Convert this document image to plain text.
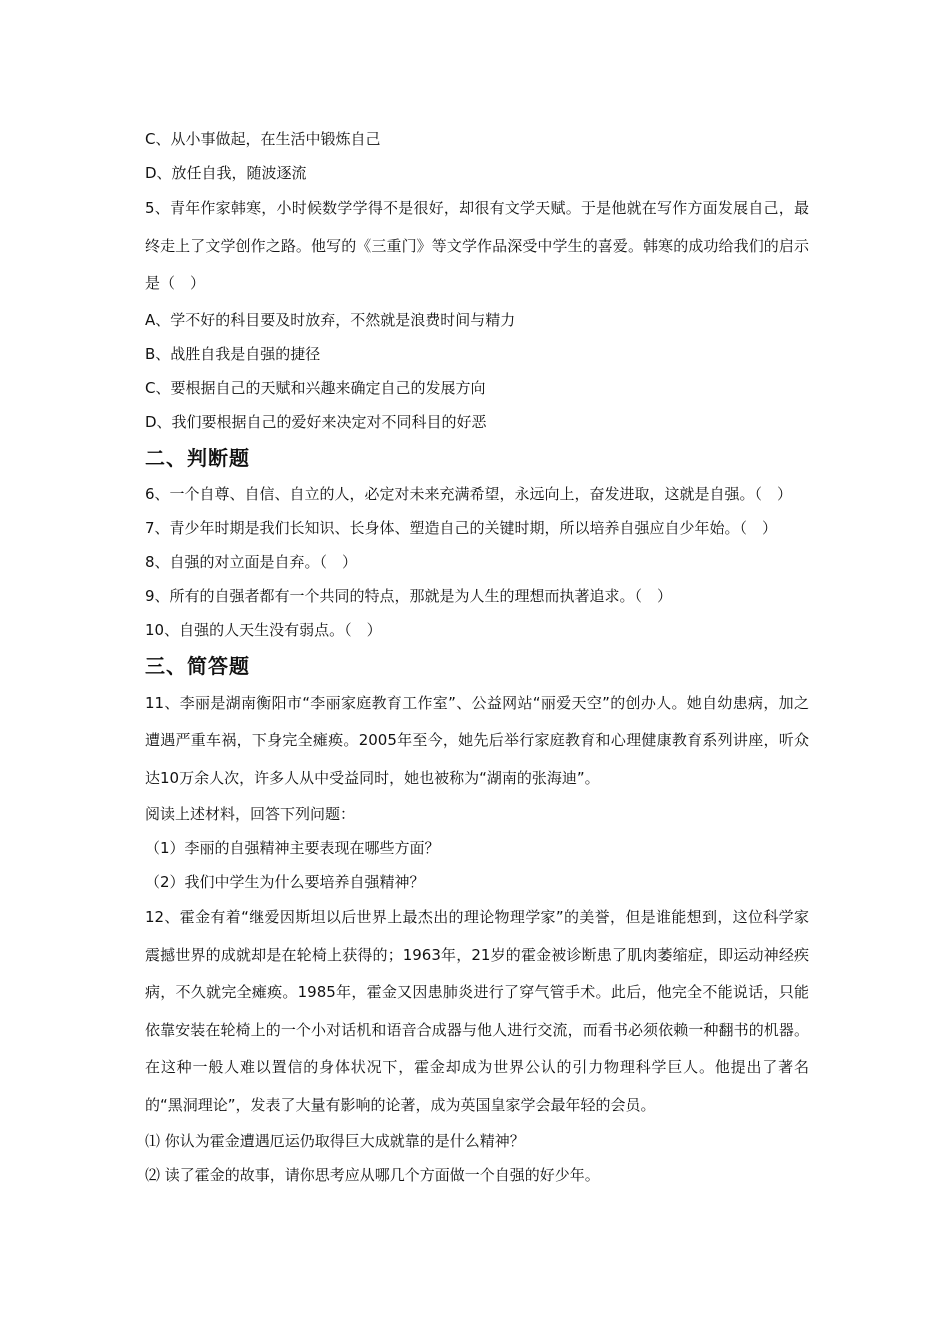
C、从小事做起，在生活中锻炼自己
D、放任自我，随波逐流
5、青年作家韩寒，小时候数学学得不是很好，却很有文学天赋。于是他就在写作方面发展自己，最终走上了文学创作之路。他写的《三重门》等文学作品深受中学生的喜爱。韩寒的成功给我们的启示是（　）
A、学不好的科目要及时放弃，不然就是浪费时间与精力
B、战胜自我是自强的捷径
C、要根据自己的天赋和兴趣来确定自己的发展方向
D、我们要根据自己的爱好来决定对不同科目的好恶
二、判断题
6、一个自尊、自信、自立的人，必定对未来充满希望，永远向上，奋发进取，这就是自强。（　）
7、青少年时期是我们长知识、长身体、塑造自己的关键时期，所以培养自强应自少年始。（　）
8、自强的对立面是自弃。（　）
9、所有的自强者都有一个共同的特点，那就是为人生的理想而执著追求。（　）
10、自强的人天生没有弱点。（　）
三、简答题
11、李丽是湖南衡阳市“李丽家庭教育工作室”、公益网站“丽爱天空”的创办人。她自幼患病，加之遭遇严重车祸，下身完全瘫痪。2005年至今，她先后举行家庭教育和心理健康教育系列讲座，听众达10万余人次，许多人从中受益同时，她也被称为“湖南的张海迪”。
阅读上述材料，回答下列问题：
（1）李丽的自强精神主要表现在哪些方面？
（2）我们中学生为什么要培养自强精神？
12、霍金有着“继爱因斯坦以后世界上最杰出的理论物理学家”的美誉，但是谁能想到，这位科学家震撼世界的成就却是在轮椅上获得的；1963年，21岁的霍金被诊断患了肌肉萎缩症，即运动神经疾病，不久就完全瘫痪。1985年，霍金又因患肺炎进行了穿气管手术。此后，他完全不能说话，只能依靠安装在轮椅上的一个小对话机和语音合成器与他人进行交流，而看书必须依赖一种翻书的机器。在这种一般人难以置信的身体状况下，霍金却成为世界公认的引力物理科学巨人。他提出了著名的“黑洞理论”，发表了大量有影响的论著，成为英国皇家学会最年轻的会员。
⑴ 你认为霍金遭遇厄运仍取得巨大成就靠的是什么精神？
⑵ 读了霍金的故事，请你思考应从哪几个方面做一个自强的好少年。
